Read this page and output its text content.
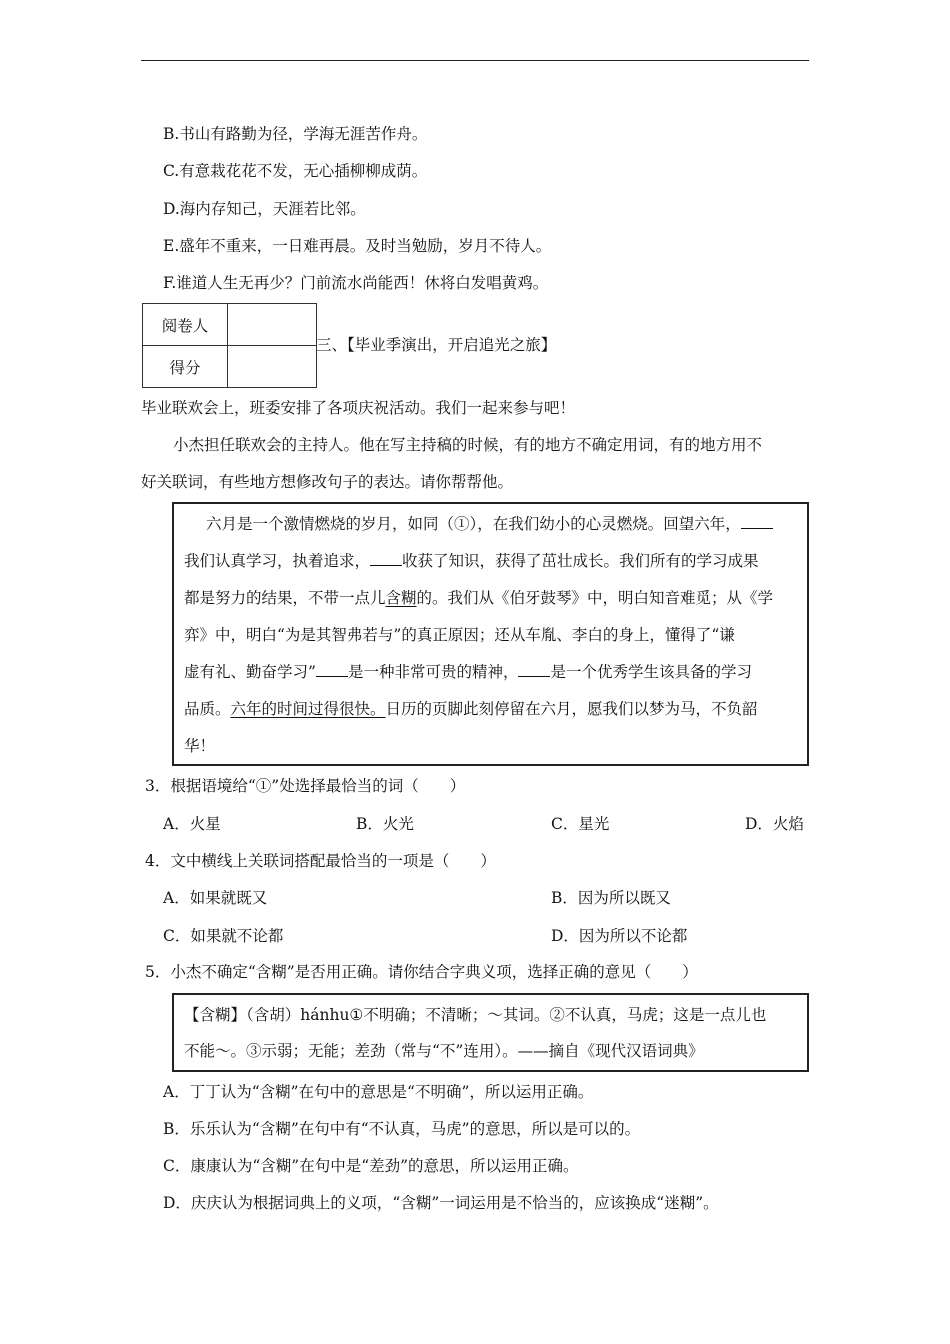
B.书山有路勤为径，学海无涯苦作舟。
C.有意栽花花不发，无心插柳柳成荫。
D.海内存知己，天涯若比邻。
E.盛年不重来，一日难再晨。及时当勉励，岁月不待人。
F.谁道人生无再少？门前流水尚能西！休将白发唱黄鸡。
阅卷人	
得分	
三、【毕业季演出，开启追光之旅】
毕业联欢会上，班委安排了各项庆祝活动。我们一起来参与吧！
小杰担任联欢会的主持人。他在写主持稿的时候，有的地方不确定用词，有的地方用不
好关联词，有些地方想修改句子的表达。请你帮帮他。
六月是一个激情燃烧的岁月，如同（①），在我们幼小的心灵燃烧。回望六年，
我们认真学习，执着追求， 收获了知识，获得了茁壮成长。我们所有的学习成果
都是努力的结果，不带一点儿含糊的。我们从《伯牙鼓琴》中，明白知音难觅；从《学
弈》中，明白“为是其智弗若与”的真正原因；还从车胤、李白的身上，懂得了“谦
虚有礼、勤奋学习” 是一种非常可贵的精神， 是一个优秀学生该具备的学习
品质。六年的时间过得很快。日历的页脚此刻停留在六月，愿我们以梦为马，不负韶
华！
3．根据语境给“①”处选择最恰当的词（　　）
A．火星	B．火光	C．星光	D．火焰
4．文中横线上关联词搭配最恰当的一项是（　　）
A．如果就既又	B．因为所以既又
C．如果就不论都	D．因为所以不论都
5．小杰不确定“含糊”是否用正确。请你结合字典义项，选择正确的意见（　　）
【含糊】（含胡）hánhu①不明确；不清晰；～其词。②不认真，马虎；这是一点儿也
不能～。③示弱；无能；差劲（常与“不”连用）。——摘自《现代汉语词典》
A．丁丁认为“含糊”在句中的意思是“不明确”，所以运用正确。
B．乐乐认为“含糊”在句中有“不认真，马虎”的意思，所以是可以的。
C．康康认为“含糊”在句中是“差劲”的意思，所以运用正确。
D．庆庆认为根据词典上的义项，“含糊”一词运用是不恰当的，应该换成“迷糊”。
